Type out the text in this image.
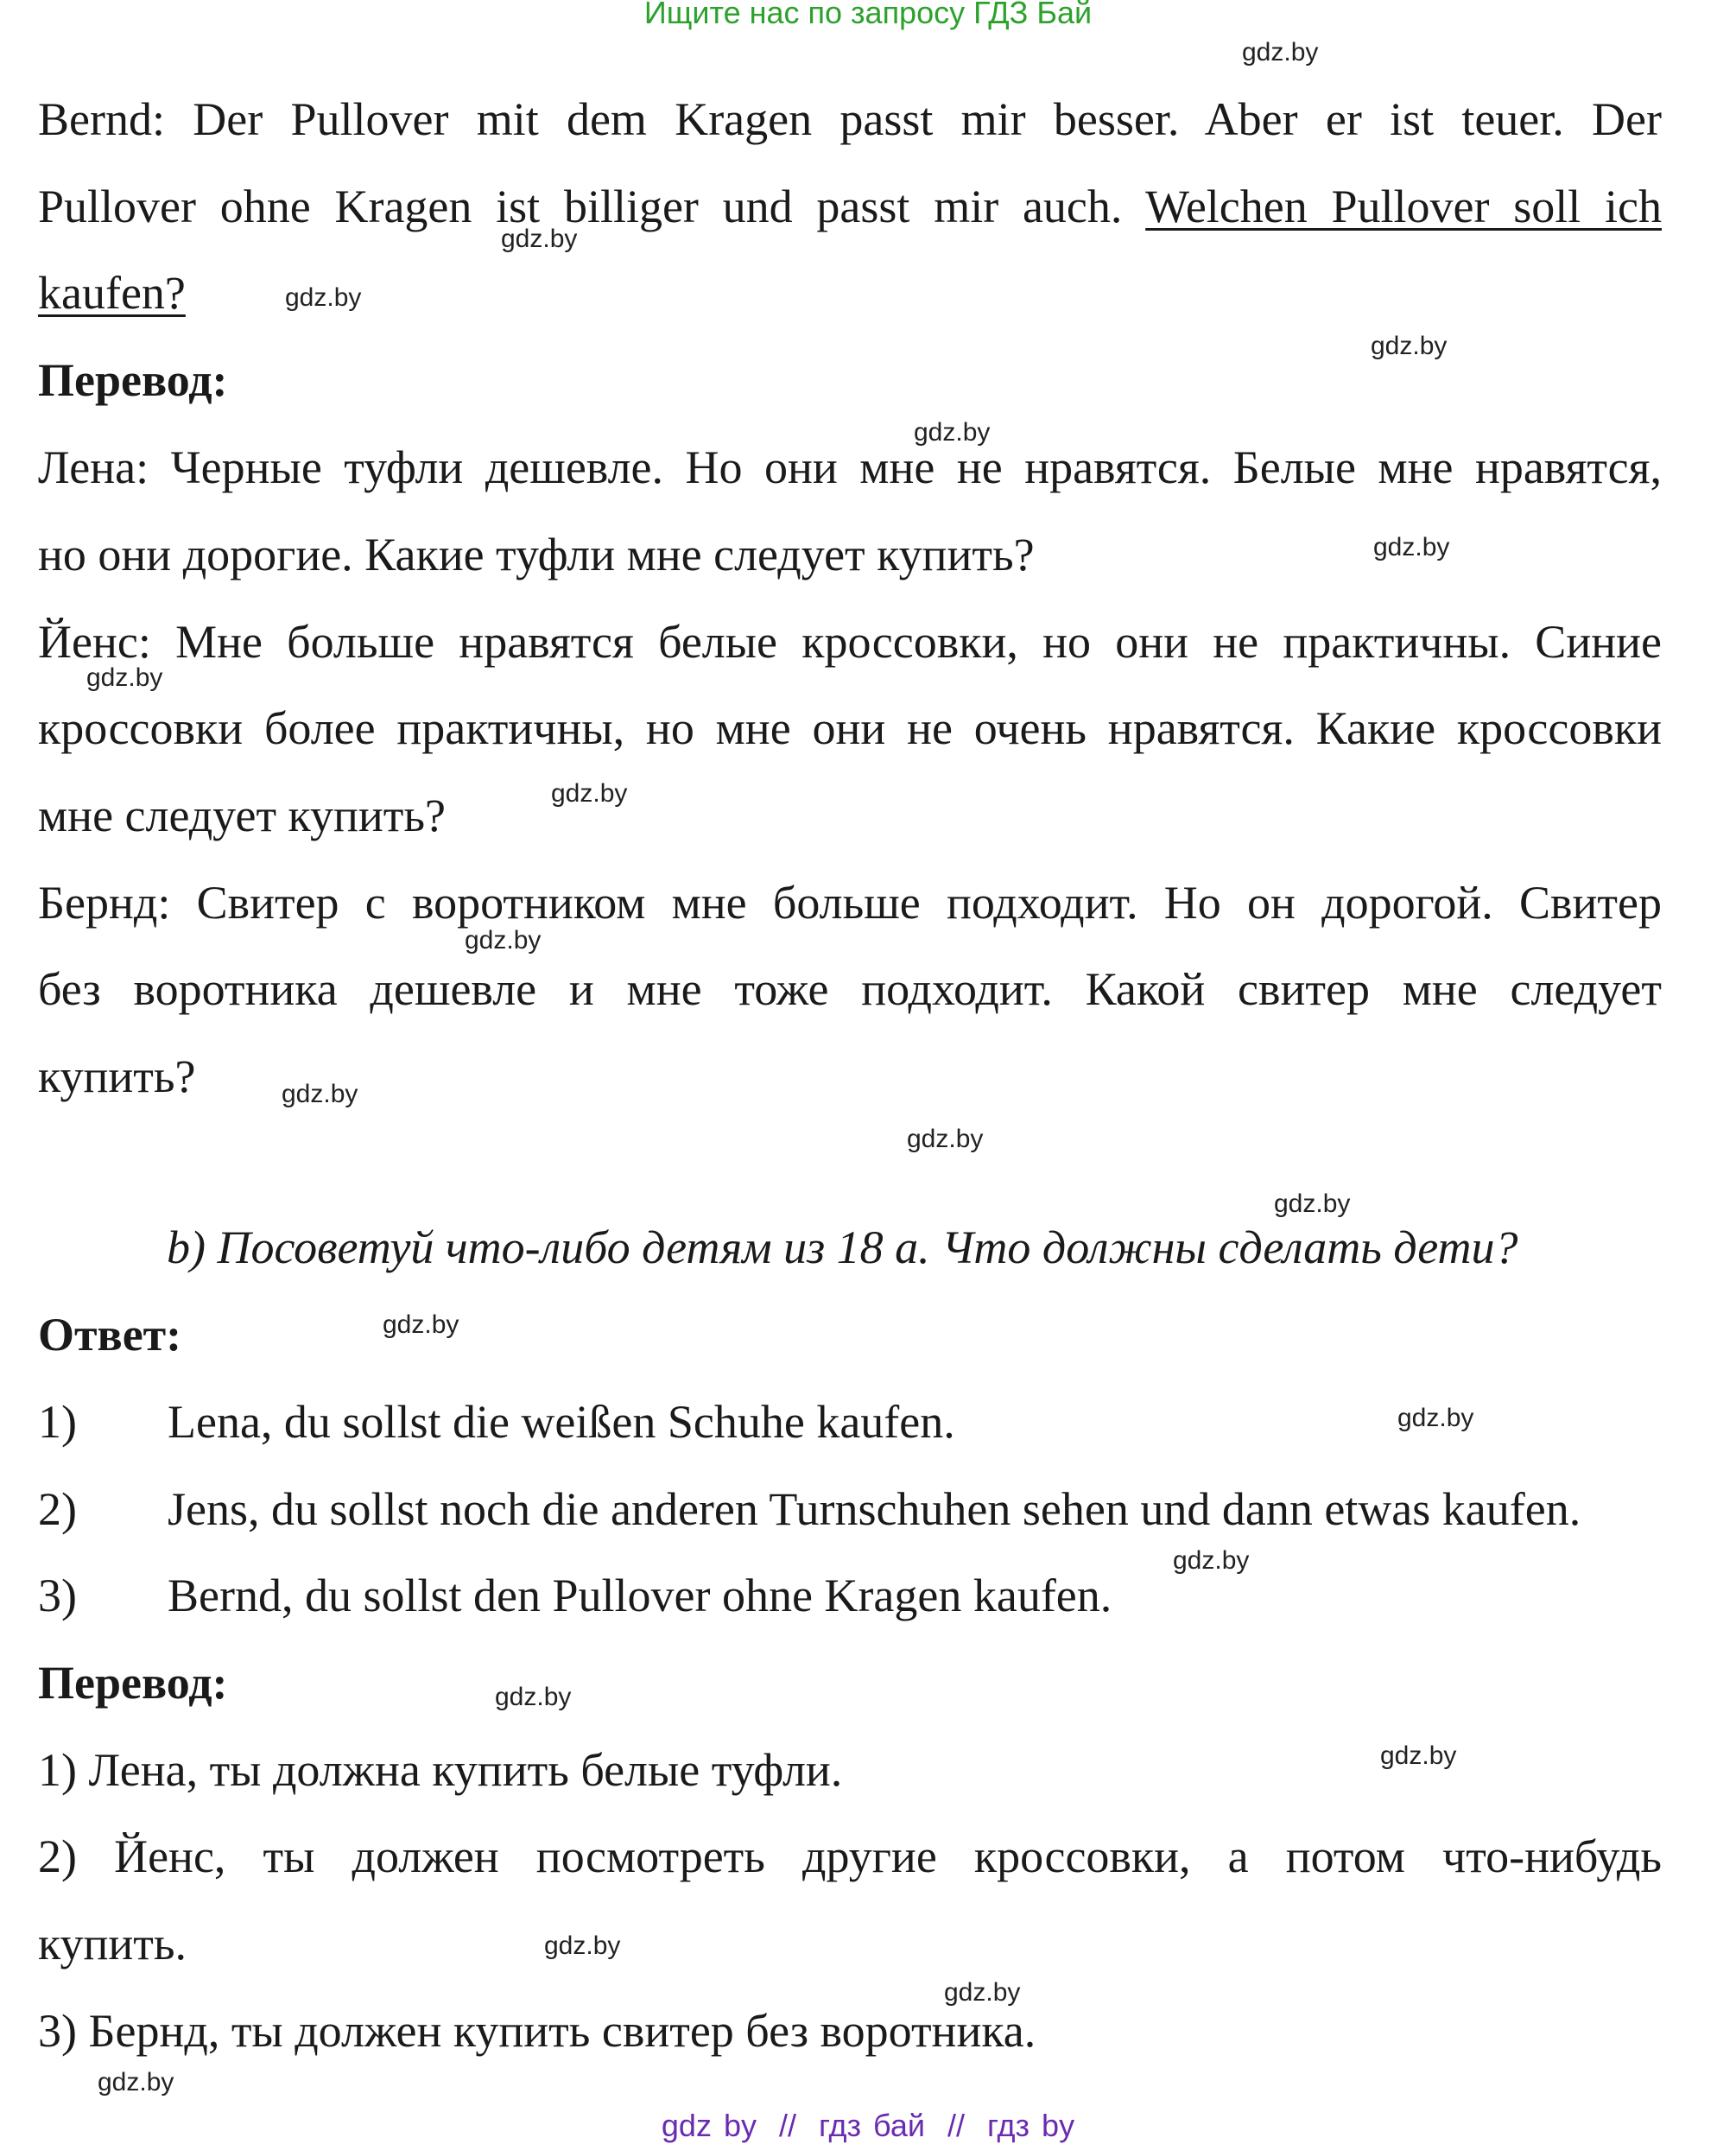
Ищите нас по запросу ГДЗ Бай
Bernd: Der Pullover mit dem Kragen passt mir besser. Aber er ist teuer. Der
Pullover ohne Kragen ist billiger und passt mir auch. Welchen Pullover soll ich
kaufen?
Перевод:
Лена: Черные туфли дешевле. Но они мне не нравятся. Белые мне нравятся,
но они дорогие. Какие туфли мне следует купить?
Йенс: Мне больше нравятся белые кроссовки, но они не практичны. Синие
кроссовки более практичны, но мне они не очень нравятся. Какие кроссовки
мне следует купить?
Бернд: Свитер с воротником мне больше подходит. Но он дорогой. Свитер
без воротника дешевле и мне тоже подходит. Какой свитер мне следует
купить?
b) Посоветуй что-либо детям из 18 a. Что должны сделать дети?
Ответ:
1) Lena, du sollst die weißen Schuhe kaufen.
2) Jens, du sollst noch die anderen Turnschuhen sehen und dann etwas kaufen.
3) Bernd, du sollst den Pullover ohne Kragen kaufen.
Перевод:
1) Лена, ты должна купить белые туфли.
2) Йенс, ты должен посмотреть другие кроссовки, а потом что-нибудь
купить.
3) Бернд, ты должен купить свитер без воротника.
gdz.by
gdz.by
gdz.by
gdz.by
gdz.by
gdz.by
gdz.by
gdz.by
gdz.by
gdz.by
gdz.by
gdz.by
gdz.by
gdz.by
gdz.by
gdz.by
gdz.by
gdz.by
gdz.by
gdz.by
gdz by // гдз бай // гдз by
